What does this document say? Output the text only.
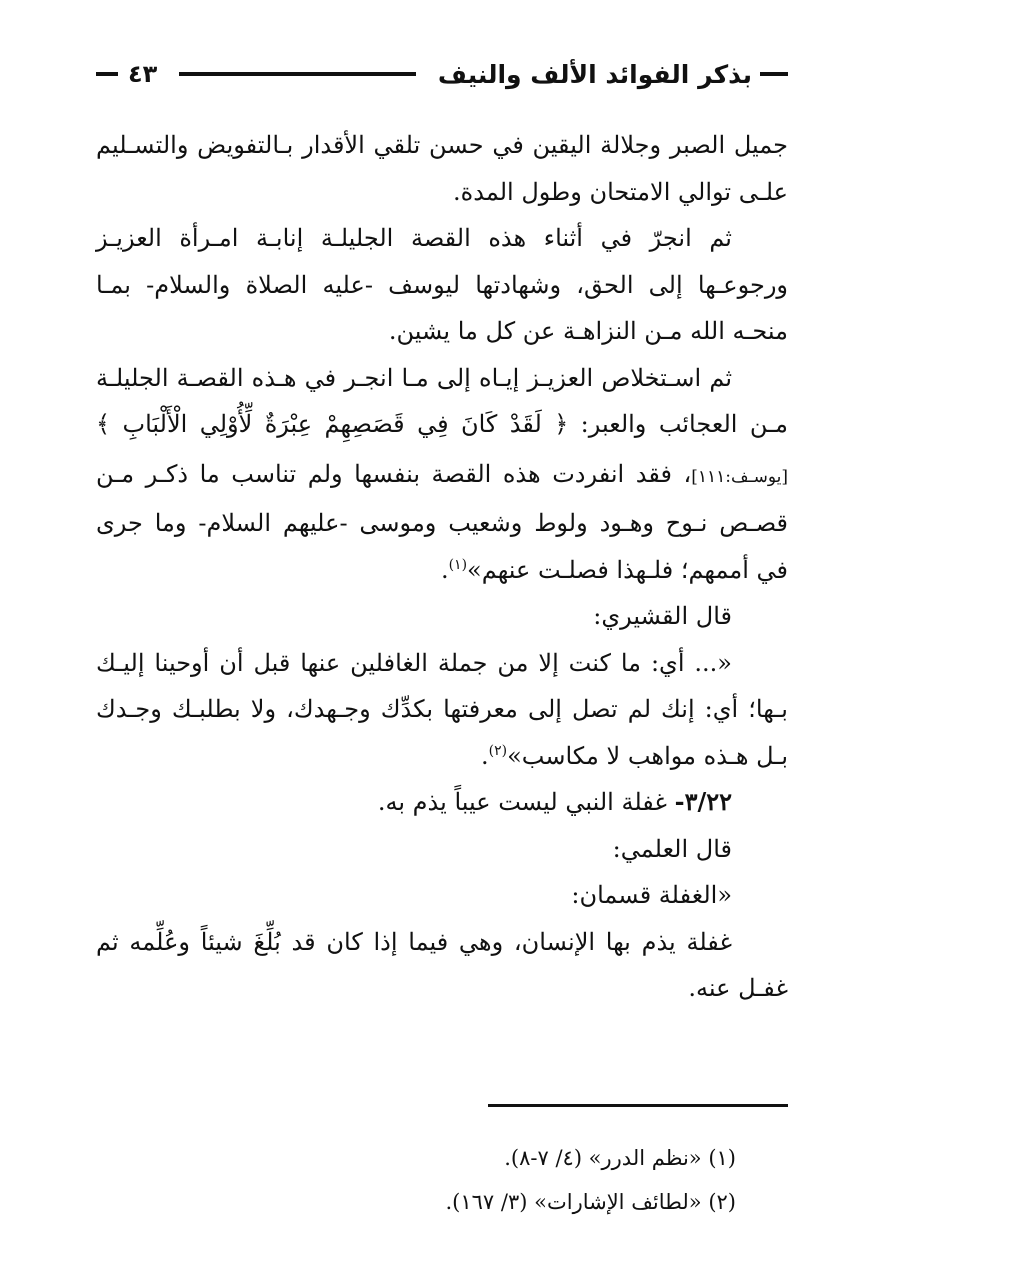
بذكر الفوائد الألف والنيف
٤٣

جميل الصبر وجلالة اليقين في حسن تلقي الأقدار بـالتفويض والتسـليم علـى توالي الامتحان وطول المدة.

ثم انجرّ في أثناء هذه القصة الجليلـة إنابـة امـرأة العزيـز ورجوعـها إلى الحق، وشهادتها ليوسف -عليه الصلاة والسلام- بمـا منحـه الله مـن النزاهـة عن كل ما يشين.

ثم اسـتخلاص العزيـز إيـاه إلى مـا انجـر في هـذه القصـة الجليلـة مـن العجائب والعبر: ﴿ لَقَدْ كَانَ فِي قَصَصِهِمْ عِبْرَةٌ لِّأُوْلِي الْأَلْبَابِ ﴾ [يوسـف:١١١]، فقد انفردت هذه القصة بنفسها ولم تناسب ما ذكـر مـن قصـص نـوح وهـود ولوط وشعيب وموسى -عليهم السلام- وما جرى في أممهم؛ فلـهذا فصلـت عنهم»$^{(١)}$.

قال القشيري:

«... أي: ما كنت إلا من جملة الغافلين عنها قبل أن أوحينا إليـك بـها؛ أي: إنك لم تصل إلى معرفتها بكدِّك وجـهدك، ولا بطلبـك وجـدك بـل هـذه مواهب لا مكاسب»$^{(٢)}$.

٣/٢٢- غفلة النبي ليست عيباً يذم به.

قال العلمي:

«الغفلة قسمان:

غفلة يذم بها الإنسان، وهي فيما إذا كان قد بُلِّغَ شيئاً وعُلِّمه ثم غفـل عنه.

(١) «نظم الدرر» (٤/ ٧-٨).

(٢) «لطائف الإشارات» (٣/ ١٦٧).
